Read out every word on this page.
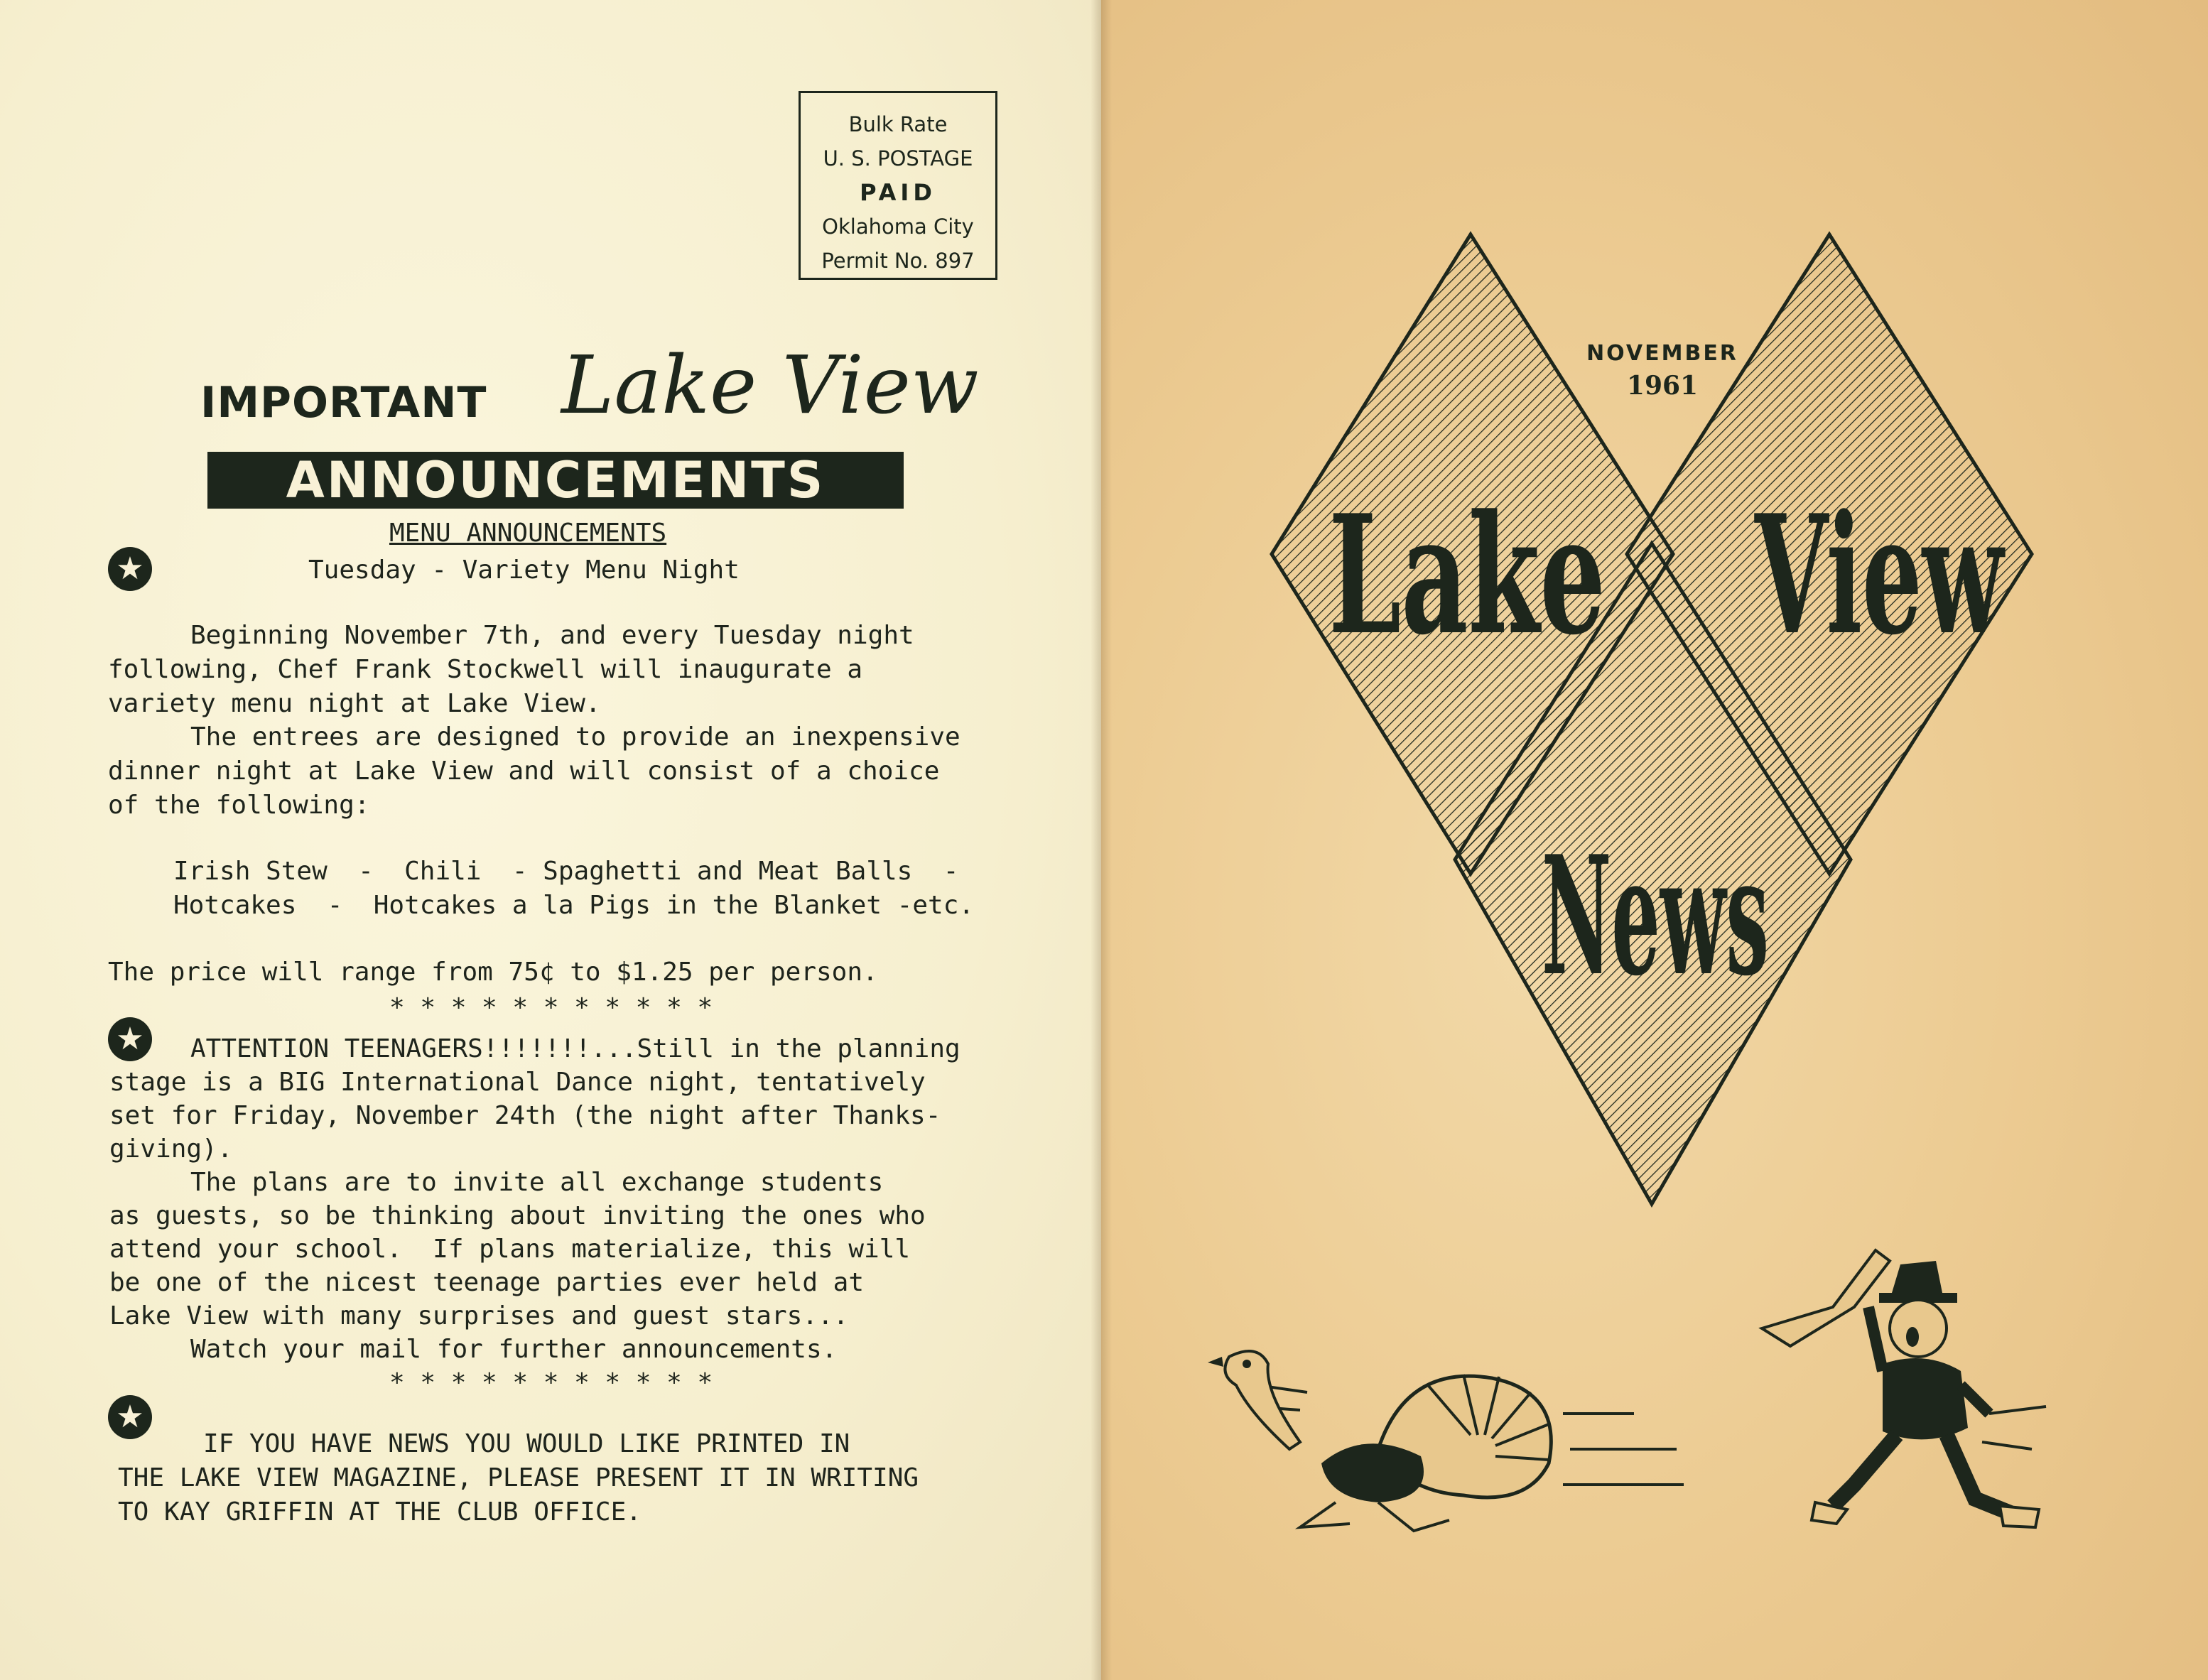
Bulk Rate
U. S. POSTAGE
PAID
Oklahoma City
Permit No. 897
IMPORTANT Lake View
ANNOUNCEMENTS
★
MENU ANNOUNCEMENTS
Tuesday - Variety Menu Night
Beginning November 7th, and every Tuesday night
following, Chef Frank Stockwell will inaugurate a
variety menu night at Lake View.
The entrees are designed to provide an inexpensive
dinner night at Lake View and will consist of a choice
of the following:
Irish Stew  -  Chili  - Spaghetti and Meat Balls  -
Hotcakes  -  Hotcakes a la Pigs in the Blanket -etc.
The price will range from 75¢ to $1.25 per person.
* * * * * * * * * * *
★	ATTENTION TEENAGERS!!!!!!!...Still in the planning
stage is a BIG International Dance night, tentatively
set for Friday, November 24th (the night after Thanks-
giving).
The plans are to invite all exchange students
as guests, so be thinking about inviting the ones who
attend your school.  If plans materialize, this will
be one of the nicest teenage parties ever held at
Lake View with many surprises and guest stars...
Watch your mail for further announcements.
* * * * * * * * * * *
★
IF YOU HAVE NEWS YOU WOULD LIKE PRINTED IN
THE LAKE VIEW MAGAZINE, PLEASE PRESENT IT IN WRITING
TO KAY GRIFFIN AT THE CLUB OFFICE.
Lake View
News
NOVEMBER
1961
